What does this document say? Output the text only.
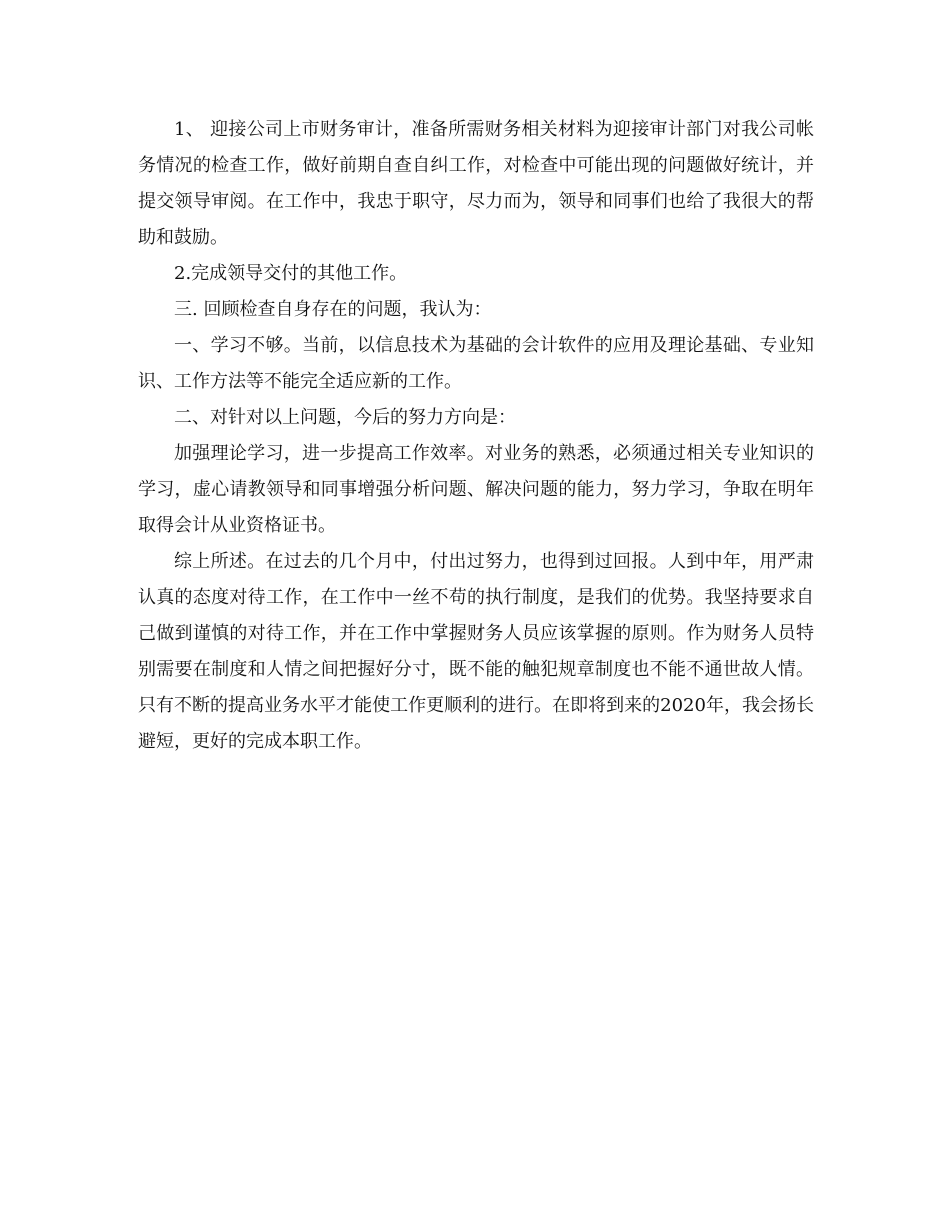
1、 迎接公司上市财务审计，准备所需财务相关材料为迎接审计部门对我公司帐务情况的检查工作，做好前期自查自纠工作，对检查中可能出现的问题做好统计，并提交领导审阅。在工作中，我忠于职守，尽力而为，领导和同事们也给了我很大的帮助和鼓励。

2.完成领导交付的其他工作。

三. 回顾检查自身存在的问题，我认为：

一、学习不够。当前，以信息技术为基础的会计软件的应用及理论基础、专业知识、工作方法等不能完全适应新的工作。

二、对针对以上问题，今后的努力方向是：

加强理论学习，进一步提高工作效率。对业务的熟悉，必须通过相关专业知识的学习，虚心请教领导和同事增强分析问题、解决问题的能力，努力学习，争取在明年取得会计从业资格证书。

综上所述。在过去的几个月中，付出过努力，也得到过回报。人到中年，用严肃认真的态度对待工作，在工作中一丝不苟的执行制度，是我们的优势。我坚持要求自己做到谨慎的对待工作，并在工作中掌握财务人员应该掌握的原则。作为财务人员特别需要在制度和人情之间把握好分寸，既不能的触犯规章制度也不能不通世故人情。只有不断的提高业务水平才能使工作更顺利的进行。在即将到来的2020年，我会扬长避短，更好的完成本职工作。
